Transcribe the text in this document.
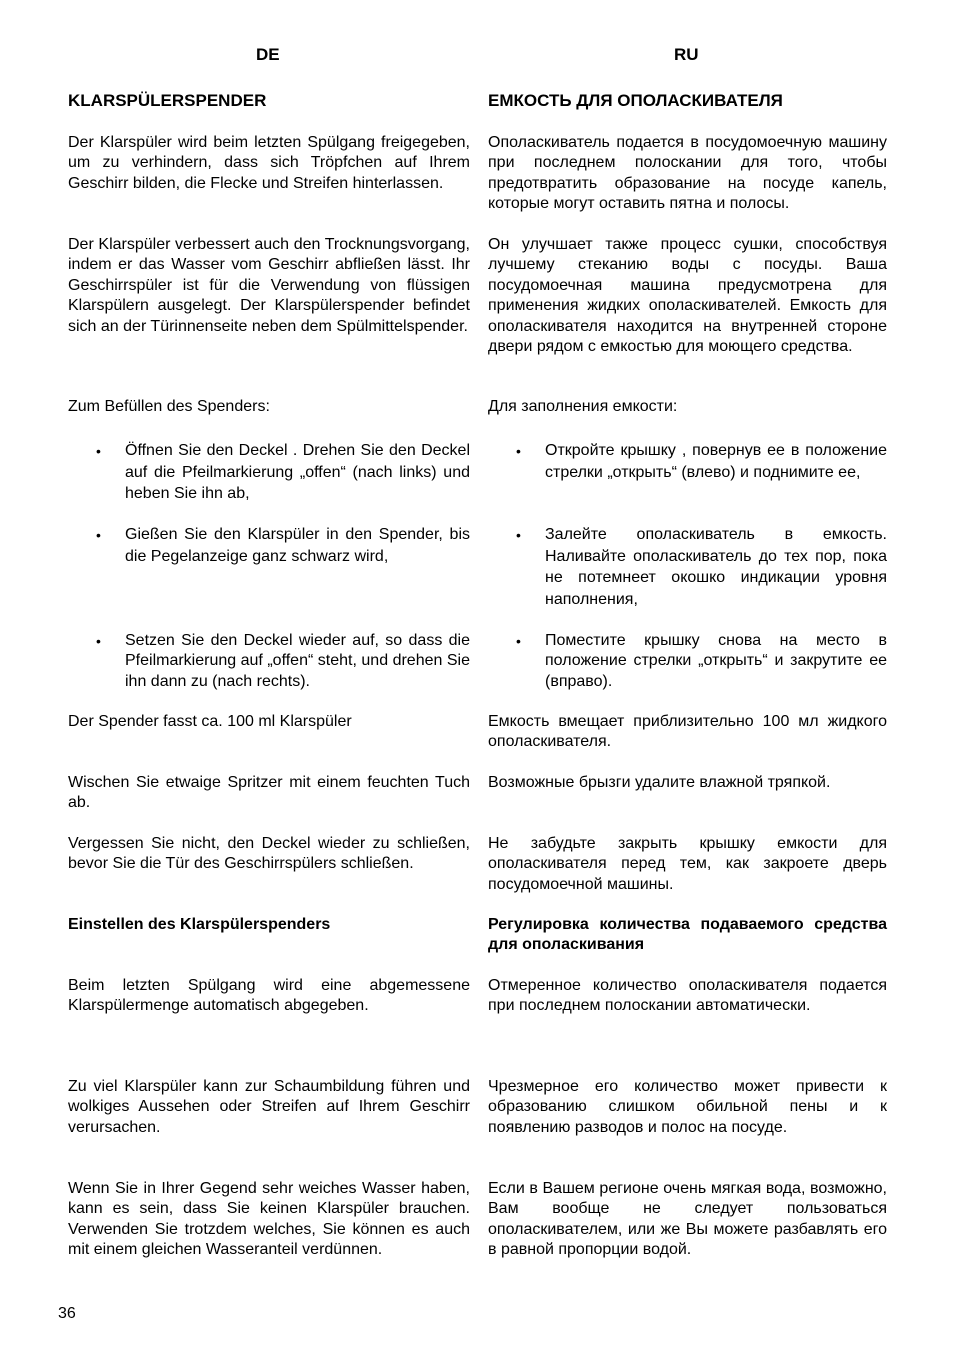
DE	RU
KLARSPÜLERSPENDER
Der Klarspüler wird beim letzten Spülgang freigegeben, um zu verhindern, dass sich Tröpfchen auf Ihrem Geschirr bilden, die Flecke und Streifen hinterlassen.
Der Klarspüler verbessert auch den Trocknungsvorgang, indem er das Wasser vom Geschirr abfließen lässt. Ihr Geschirrspüler ist für die Verwendung von flüssigen Klarspülern ausgelegt. Der Klarspülerspender befindet sich an der Türinnenseite neben dem Spülmittelspender.
Zum Befüllen des Spenders:
• Öffnen Sie den Deckel . Drehen Sie den Deckel auf die Pfeilmarkierung „offen“ (nach links) und heben Sie ihn ab,
• Gießen Sie den Klarspüler in den Spender, bis die Pegelanzeige ganz schwarz wird,
• Setzen Sie den Deckel wieder auf, so dass die Pfeilmarkierung auf „offen“ steht, und drehen Sie ihn dann zu (nach rechts).
Der Spender fasst ca. 100 ml Klarspüler
Wischen Sie etwaige Spritzer mit einem feuchten Tuch ab.
Vergessen Sie nicht, den Deckel wieder zu schließen, bevor Sie die Tür des Geschirrspülers schließen.
Einstellen des Klarspülerspenders
Beim letzten Spülgang wird eine abgemessene Klarspülermenge automatisch abgegeben.
Zu viel Klarspüler kann zur Schaumbildung führen und wolkiges Aussehen oder Streifen auf Ihrem Geschirr verursachen.
Wenn Sie in Ihrer Gegend sehr weiches Wasser haben, kann es sein, dass Sie keinen Klarspüler brauchen. Verwenden Sie trotzdem welches, Sie können es auch mit einem gleichen Wasseranteil verdünnen.
ЕМКОСТЬ ДЛЯ ОПОЛАСКИВАТЕЛЯ
Ополаскиватель подается в посудомоечную машину при последнем полоскании для того, чтобы предотвратить образование на посуде капель, которые могут оставить пятна и полосы.
Он улучшает также процесс сушки, способствуя лучшему стеканию воды с посуды. Ваша посудомоечная машина предусмотрена для применения жидких ополаскивателей. Емкость для ополаскивателя находится на внутренней стороне двери рядом с емкостью для моющего средства.
Для заполнения емкости:
• Откройте крышку , повернув ее в положение стрелки „открыть“ (влево) и поднимите ее,
• Залейте ополаскиватель в емкость. Наливайте ополаскиватель до тех пор, пока не потемнеет окошко индикации уровня наполнения,
• Поместите крышку снова на место в положение стрелки „открыть“ и закрутите ее (вправо).
Емкость вмещает приблизительно 100 мл жидкого ополаскивателя.
Возможные брызги удалите влажной тряпкой.
Не забудьте закрыть крышку емкости для ополаскивателя перед тем, как закроете дверь посудомоечной машины.
Регулировка количества подаваемого средства для ополаскивания
Отмеренное количество ополаскивателя подается при последнем полоскании автоматически.
Чрезмерное его количество может привести к образованию слишком обильной пены и к появлению разводов и полос на посуде.
Если в Вашем регионе очень мягкая вода, возможно, Вам вообще не следует пользоваться ополаскивателем, или же Вы можете разбавлять его в равной пропорции водой.
36
